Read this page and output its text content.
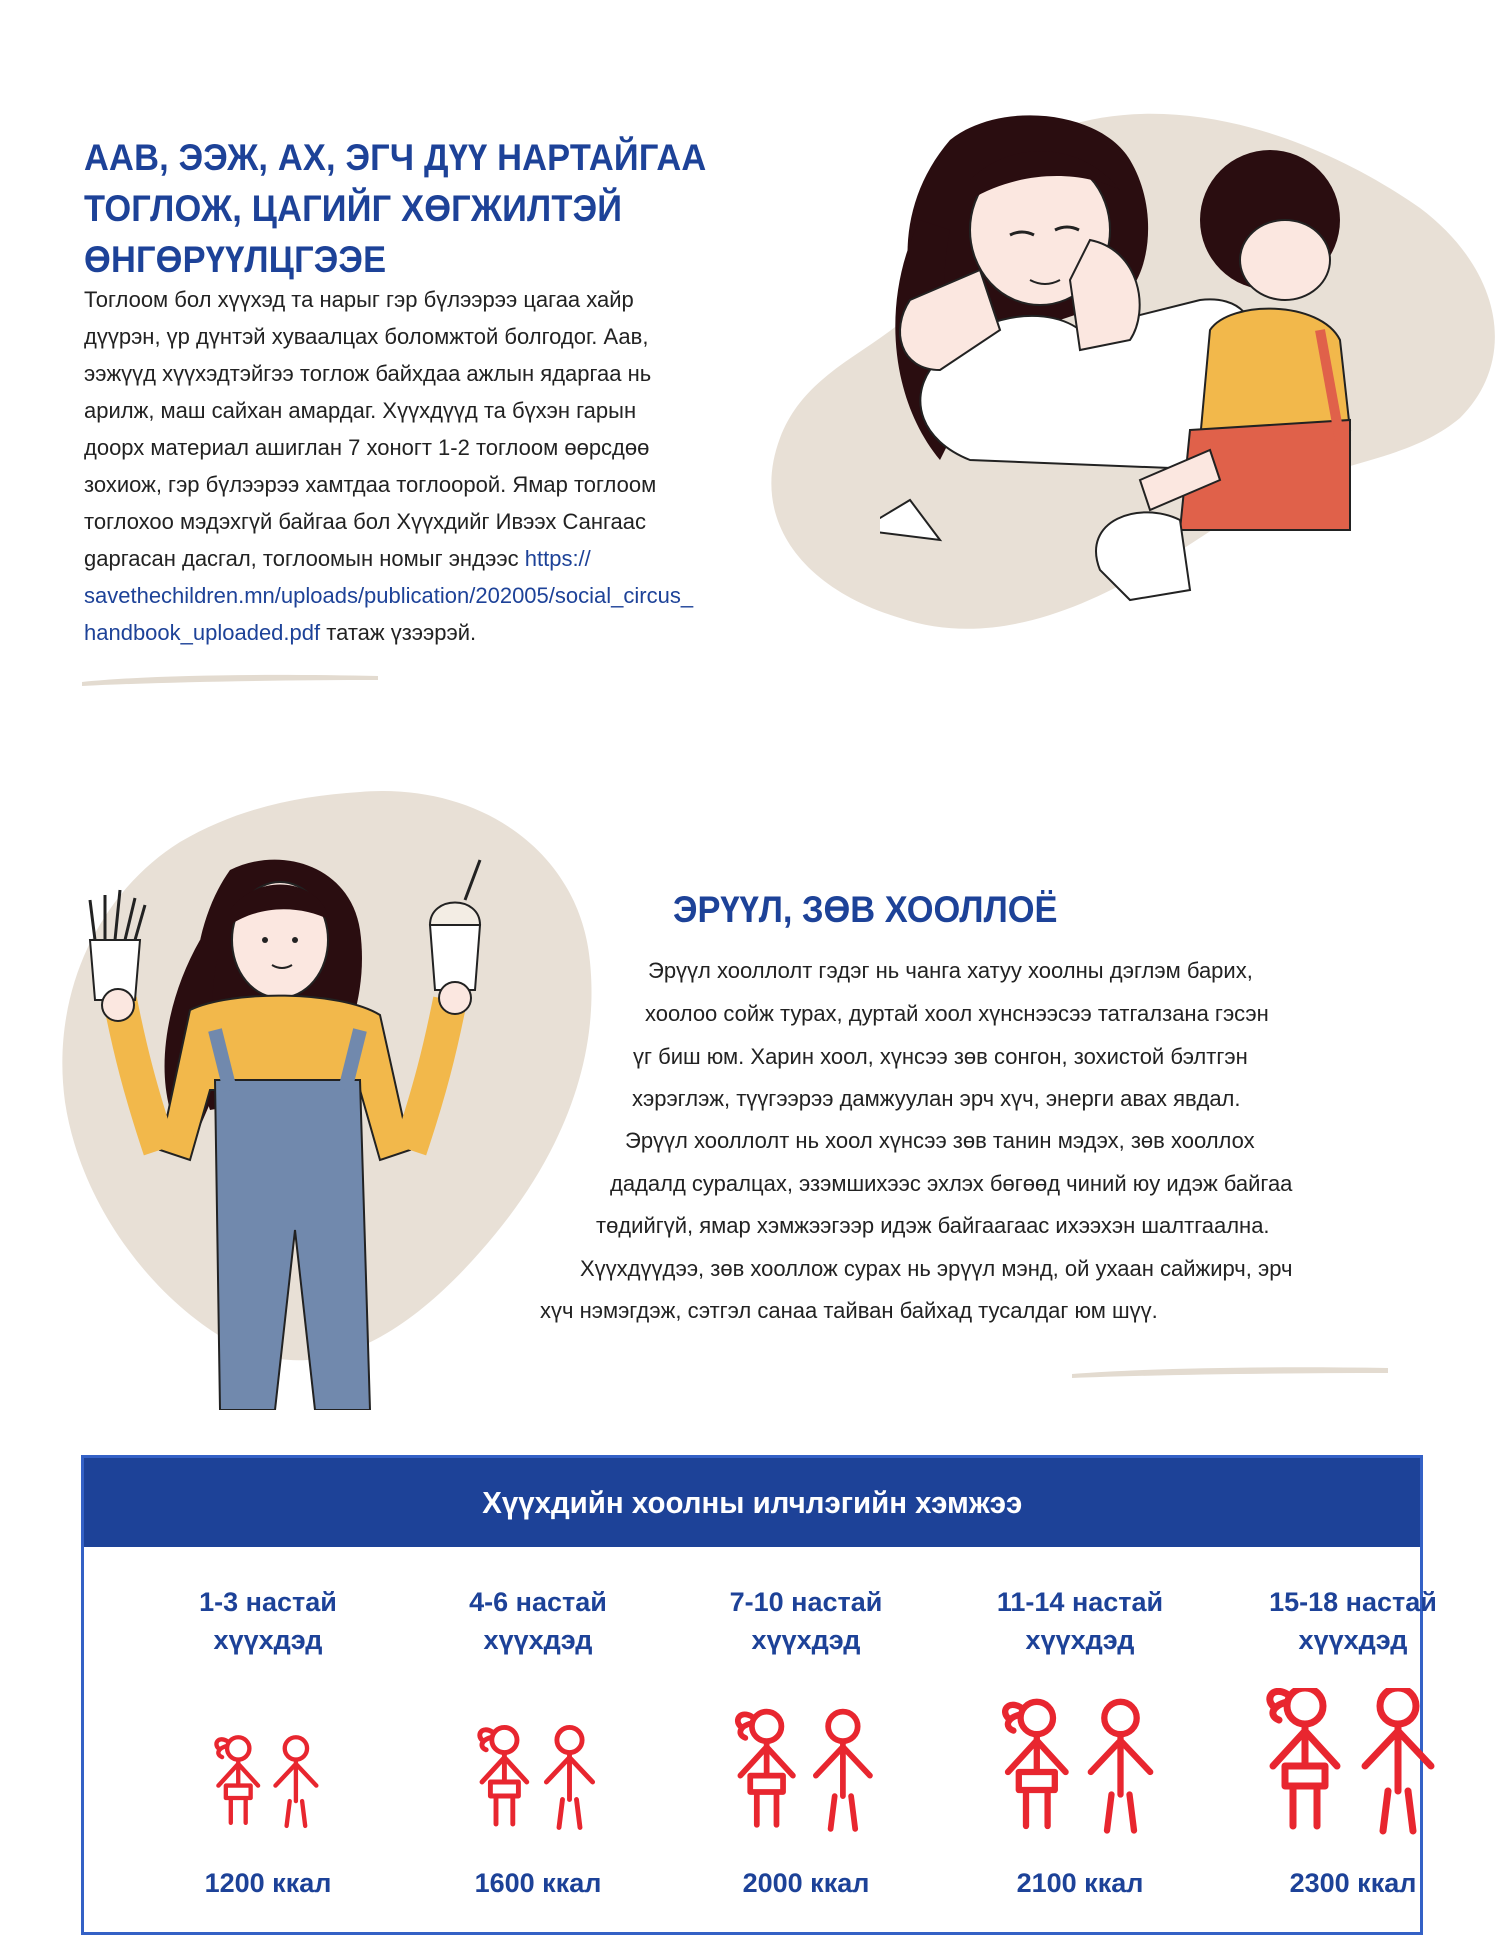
ААВ, ЭЭЖ, АХ, ЭГЧ ДҮҮ НАРТАЙГАА
ТОГЛОЖ, ЦАГИЙГ ХӨГЖИЛТЭЙ
ӨНГӨРҮҮЛЦГЭЭЕ
Тоглоом бол хүүхэд та нарыг гэр бүлээрээ цагаа хайр
дүүрэн, үр дүнтэй хуваалцах боломжтой болгодог. Аав,
ээжүүд хүүхэдтэйгээ тоглож байхдаа ажлын ядаргаа нь
арилж, маш сайхан амардаг. Хүүхдүүд та бүхэн гарын
доорх материал ашиглан 7 хоногт 1-2 тоглоом өөрсдөө
зохиож, гэр бүлээрээ хамтдаа тоглоорой. Ямар тоглоом
тоглохоо мэдэхгүй байгаа бол Хүүхдийг Ивээх Сангаас
gаргасан дасгал, тоглоомын номыг эндээс https://
savethechildren.mn/uploads/publication/202005/social_circus_
handbook_uploaded.pdf татаж үзээрэй.
ЭРҮҮЛ, ЗӨВ ХООЛЛОЁ
Эрүүл хооллолт гэдэг нь чанга хатуу хоолны дэглэм барих,
хоолоо сойж турах, дуртай хоол хүнснээсээ татгалзана гэсэн
үг биш юм. Харин хоол, хүнсээ зөв сонгон, зохистой бэлтгэн
хэрэглэж, түүгээрээ дамжуулан эрч хүч, энерги авах явдал.
Эрүүл хооллолт нь хоол хүнсээ зөв танин мэдэх, зөв хооллох
дадалд суралцах, эзэмшихээс эхлэх бөгөөд чиний юу идэж байгаа
төдийгүй, ямар хэмжээгээр идэж байгаагаас ихээхэн шалтгаална.
Хүүхдүүдээ, зөв хооллож сурах нь эрүүл мэнд, ой ухаан сайжирч, эрч
хүч нэмэгдэж, сэтгэл санаа тайван байхад тусалдаг юм шүү.
Хүүхдийн хоолны илчлэгийн хэмжээ
1-3 настай
хүүхдэд
1200 ккал
4-6 настай
хүүхдэд
1600 ккал
7-10 настай
хүүхдэд
2000 ккал
11-14 настай
хүүхдэд
2100 ккал
15-18 настай
хүүхдэд
2300 ккал
